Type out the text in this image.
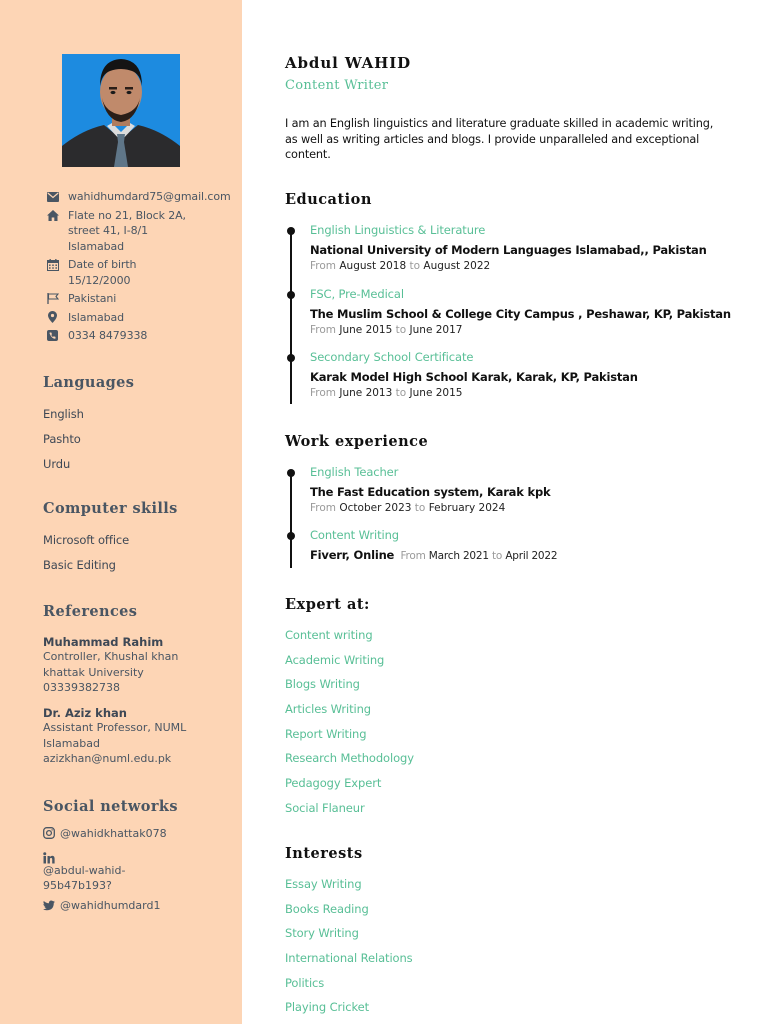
wahidhumdard75@gmail.com
Flate no 21, Block 2A,
street 41, I-8/1
Islamabad
Date of birth
15/12/2000
Pakistani
Islamabad
0334 8479338
Languages
English
Pashto
Urdu
Computer skills
Microsoft office
Basic Editing
References
Muhammad Rahim
Controller, Khushal khan
khattak University
03339382738
Dr. Aziz khan
Assistant Professor, NUML
Islamabad
azizkhan@numl.edu.pk
Social networks
@wahidkhattak078
@abdul-wahid-
95b47b193?
@wahidhumdard1
Abdul WAHID
Content Writer
I am an English linguistics and literature graduate skilled in academic writing, as well as writing articles and blogs. I provide unparalleled and exceptional content.
Education
English Linguistics & Literature
National University of Modern Languages Islamabad,, Pakistan
From August 2018 to August 2022
FSC, Pre-Medical
The Muslim School & College City Campus , Peshawar, KP, Pakistan
From June 2015 to June 2017
Secondary School Certificate
Karak Model High School Karak, Karak, KP, Pakistan
From June 2013 to June 2015
Work experience
English Teacher
The Fast Education system, Karak kpk
From October 2023 to February 2024
Content Writing
Fiverr, Online From March 2021 to April 2022
Expert at:
Content writing
Academic Writing
Blogs Writing
Articles Writing
Report Writing
Research Methodology
Pedagogy Expert
Social Flaneur
Interests
Essay Writing
Books Reading
Story Writing
International Relations
Politics
Playing Cricket
